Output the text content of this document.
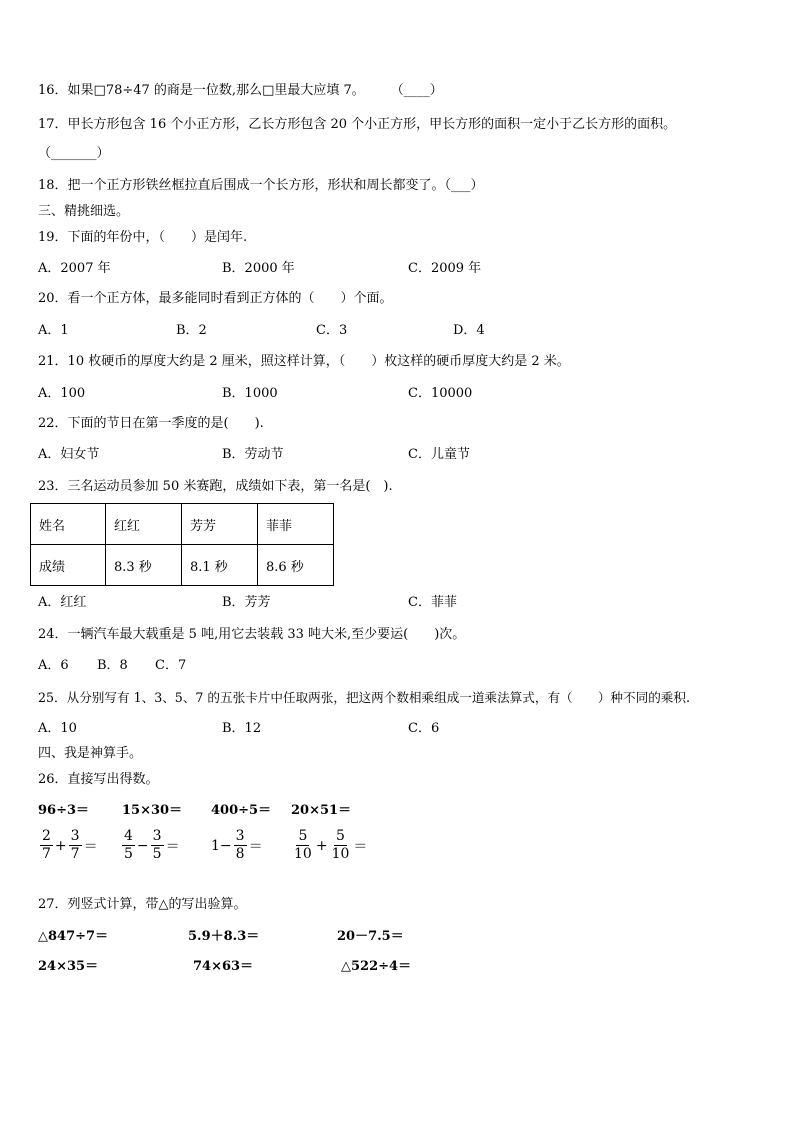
16．如果□78÷47 的商是一位数,那么□里最大应填 7。　　　（____）
17．甲长方形包含 16 个小正方形，乙长方形包含 20 个小正方形，甲长方形的面积一定小于乙长方形的面积。
（_______）
18．把一个正方形铁丝框拉直后围成一个长方形，形状和周长都变了。（___）
三、精挑细选。
19．下面的年份中，（　　）是闰年.
A．2007 年	B．2000 年	C．2009 年
20．看一个正方体，最多能同时看到正方体的（　　）个面。
A．1	B．2	C．3	D．4
21．10 枚硬币的厚度大约是 2 厘米，照这样计算，（　　）枚这样的硬币厚度大约是 2 米。
A．100	B．1000	C．10000
22．下面的节日在第一季度的是(　　).
A．妇女节	B．劳动节	C．儿童节
23．三名运动员参加 50 米赛跑，成绩如下表，第一名是(　).
姓名	红红	芳芳	菲菲
成绩	8.3 秒	8.1 秒	8.6 秒
A．红红	B．芳芳	C．菲菲
24．一辆汽车最大载重是 5 吨,用它去装载 33 吨大米,至少要运(　　)次。
A．6 B．8 C．7
25．从分别写有 1、3、5、7 的五张卡片中任取两张，把这两个数相乘组成一道乘法算式，有（　　）种不同的乘积.
A．10	B．12	C．6
四、我是神算手。
26．直接写出得数。
96÷3＝	15×30＝ 400÷5＝ 20×51＝
$\frac{2}{7} + \frac{3}{7} = \frac{4}{5} - \frac{3}{5} = 1- \frac{3}{8} = \frac{5}{10} + \frac{5}{10}$ ＝
27．列竖式计算，带△的写出验算。
△847÷7＝	5.9＋8.3＝	20－7.5＝
24×35＝	74×63＝	△522÷4＝
